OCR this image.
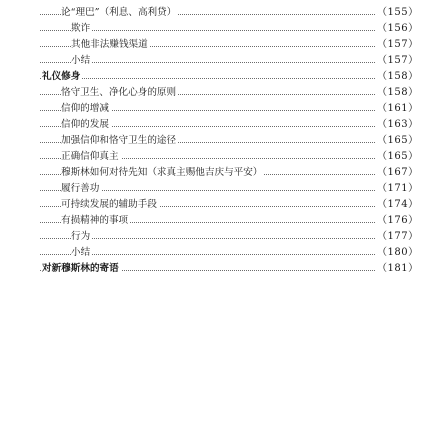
论“理巴”（利息、高利贷）	（155）
欺诈	（156）
其他非法赚钱渠道	（157）
小结	（157）
礼仪修身	（158）
恪守卫生、净化心身的原则	（158）
信仰的增减	（161）
信仰的发展	（163）
加强信仰和恪守卫生的途径	（165）
正确信仰真主	（165）
穆斯林如何对待先知（求真主赐他吉庆与平安）	（167）
履行善功	（171）
可持续发展的辅助手段	（174）
有损精神的事项	（176）
行为	（177）
小结	（180）
对新穆斯林的寄语	（181）
